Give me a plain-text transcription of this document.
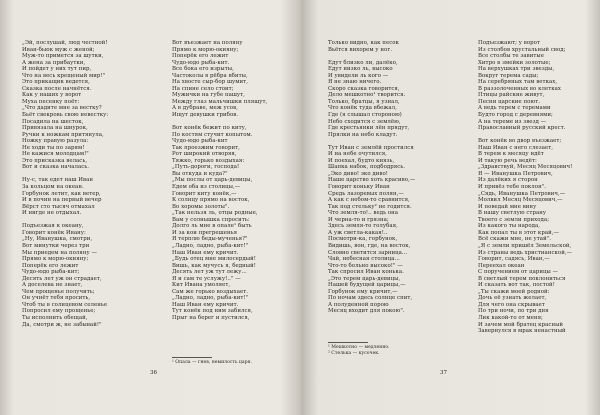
„Эй, послушай, люд честной!
Иван-бьюк муж с женой;
Муж-то примется за шутки,
А жена за прибаутки,
И пойдет у них тут пир,
Что на весь крещеный мир!"
Это прикащик ведется,
Сказка после начнётся.
Как у наших у ворот
Муха песенку поёт:
„Что дадите мне за вестку?
Бьёт свекровь свою невестку:
Посадила на шесток,
Привязала на шнурок,
Ручки к ножкам притянула,
Ножку правую разула:
Не ходи ты по зарям!
Не кажися молодцам!"
Это присказка велась,
Вот и сказка началась.
Ну-с, так едет наш Иван
За кольцом на океан.
Горбунок летит, как ветер,
И в почин на первый вечер
Вёрст сто тысяч отмахал
И нигде не отдыхал.
Подъезжая к океану,
Говорит конёк Ивану:
„Ну, Иванушка, смотри,
Вот минутки через три
Мы приедем на поляну —
Прямо к морю-окияну;
Поперёк его лежит
Чудо-юдо рыба-кит;
Десять лет уж он страдает,
А доселева не знает,
Чем прощенье получить;
Он учнёт тебя просить,
Чтоб ты в солнцевом селенье
Попросил ему прощенье;
Ты исполнить обещай,
Да, смотри ж, не забывай!"
Вот въезжает на поляну
Прямо к морю-окияну;
Поперёк его лежит
Чудо-юдо рыба-кит.
Все бока его изрыты,
Частоколы в рёбра вбиты,
На хвосте сыр-бор шумит,
На спине село стоит;
Мужички на губе пашут,
Между глаз мальчишки пляшут,
А в дубраве, меж усов,
Ищут девушки грибов.
Вот конёк бежит по киту,
По костям стучит копытом.
Чудо-юдо рыба-кит
Так проезжим говорит,
Рот широкий отворяя,
Тяжко, горько воздыхая:
„Путь-дороги, господа!
Вы откуда и куда?"
„Мы послы от царь-девицы,
Едем оба из столицы,—
Говорит киту конёк,—
К солнцу прямо на восток,
Во хоромы золоты".
„Так нельзя ль, отцы родные,
Вам у солнышка спросить:
Долго ль мне в опале¹ быть
И за кои прегрешенья
Я терплю беды-мученья?"
„Ладно, ладно, рыба-кит!"
Наш Иван ему кричит.
„Будь отец мне милосердый!
Вишь, как мучусь я, бедный!
Десять лет уж тут лежу...
Я и сам те услужу!.." —
Кит Ивана умоляет,
Сам же горько воздыхает.
„Ладно, ладно, рыба-кит!"
Наш Иван ему кричит.
Тут конёк под ним забился,
Прыг на берег и пустился,
¹ Опала — гнев, немилость царя.
36
Только видно, как песок
Вьётся вихорем у ног.
Едут близко ли, далёко,
Едут низко ль, высоко
И увидели ль кого —
Я не знаю ничего.
Скоро сказка говорится,
Дело мешкотно¹ творится.
Только, братцы, я узнал,
Что конёк туда вбежал,
Где (я слышал стороною)
Небо сходится с землёю,
Где крестьянки лён прядут,
Прялки на небо кладут.
Тут Иван с землёй простился
И на небе очутился,
И поехал, будто князь,
Шапка набок, подбодрясь.
„Эко диво! эко диво!
Наше царство хоть красиво,—
Говорит коньку Иван
Средь лазоревых полян,—
А как с небом-то сравнится,
Так под стельку² не годится.
Что земля-то!.. ведь она
И черна-то и грязна;
Здесь земля-то голубая,
А уж светла-какая!..
Посмотри-ка, горбунок,
Видишь, вон, где, на восток,
Словно светится зарница...
Чай, небесная столица...
Что-то больно высоко!" —
Так спросил Иван конька.
„Это терем царь-девицы,
Нашей будущей царицы,—
Горбунок ему кричит,—
По ночам здесь солнце спит,
А полуденной порою
Месяц входит для покою".
Подъезжают; у ворот
Из столбов хрустальный свод;
Все столбы те завитые
Хитро в змейки золотые;
На верхушках три звезды,
Вокруг терема сады;
На серебряных там ветках,
В раззолоченных во клетках
Птицы райские живут,
Песни царские поют.
А ведь терем с теремами
Будто город с деревнями;
А на тереме из звезд —
Православный русский крест.
Вот конёк во двор въезжает;
Наш Иван с него слезает,
В терем к месяцу идёт
И такую речь ведёт:
„Здравствуй, Месяц Месяцович!
Я — Иванушка Петрович,
Из далёких я сторон
И привёз тебе поклон".
„Сядь, Иванушка Петрович,—
Молвил Месяц Месяцович,—
И поведай мне вину
В нашу светлую страну
Твоего с земли прихода;
Из какого ты народа,
Как попал ты в этот край,—
Всё скажи мне, не утай".
„Я с земли пришёл Земельской,
Из страны ведь христианской,—
Говорит, садясь, Иван,—
Переехал океан
С поручением от царицы —
В светлый терем поклониться
И сказать вот так, постой!
„Ты скажи моей родной:
Дочь её узнать желает,
Для чего она скрывает
По три ночи, по три дня
Лик какой-то от меня;
И зачем мой братец красный
Завернулся в мрак ненастный
¹ Мешкотно — медленно.
² Стелька — кусочек.
37
